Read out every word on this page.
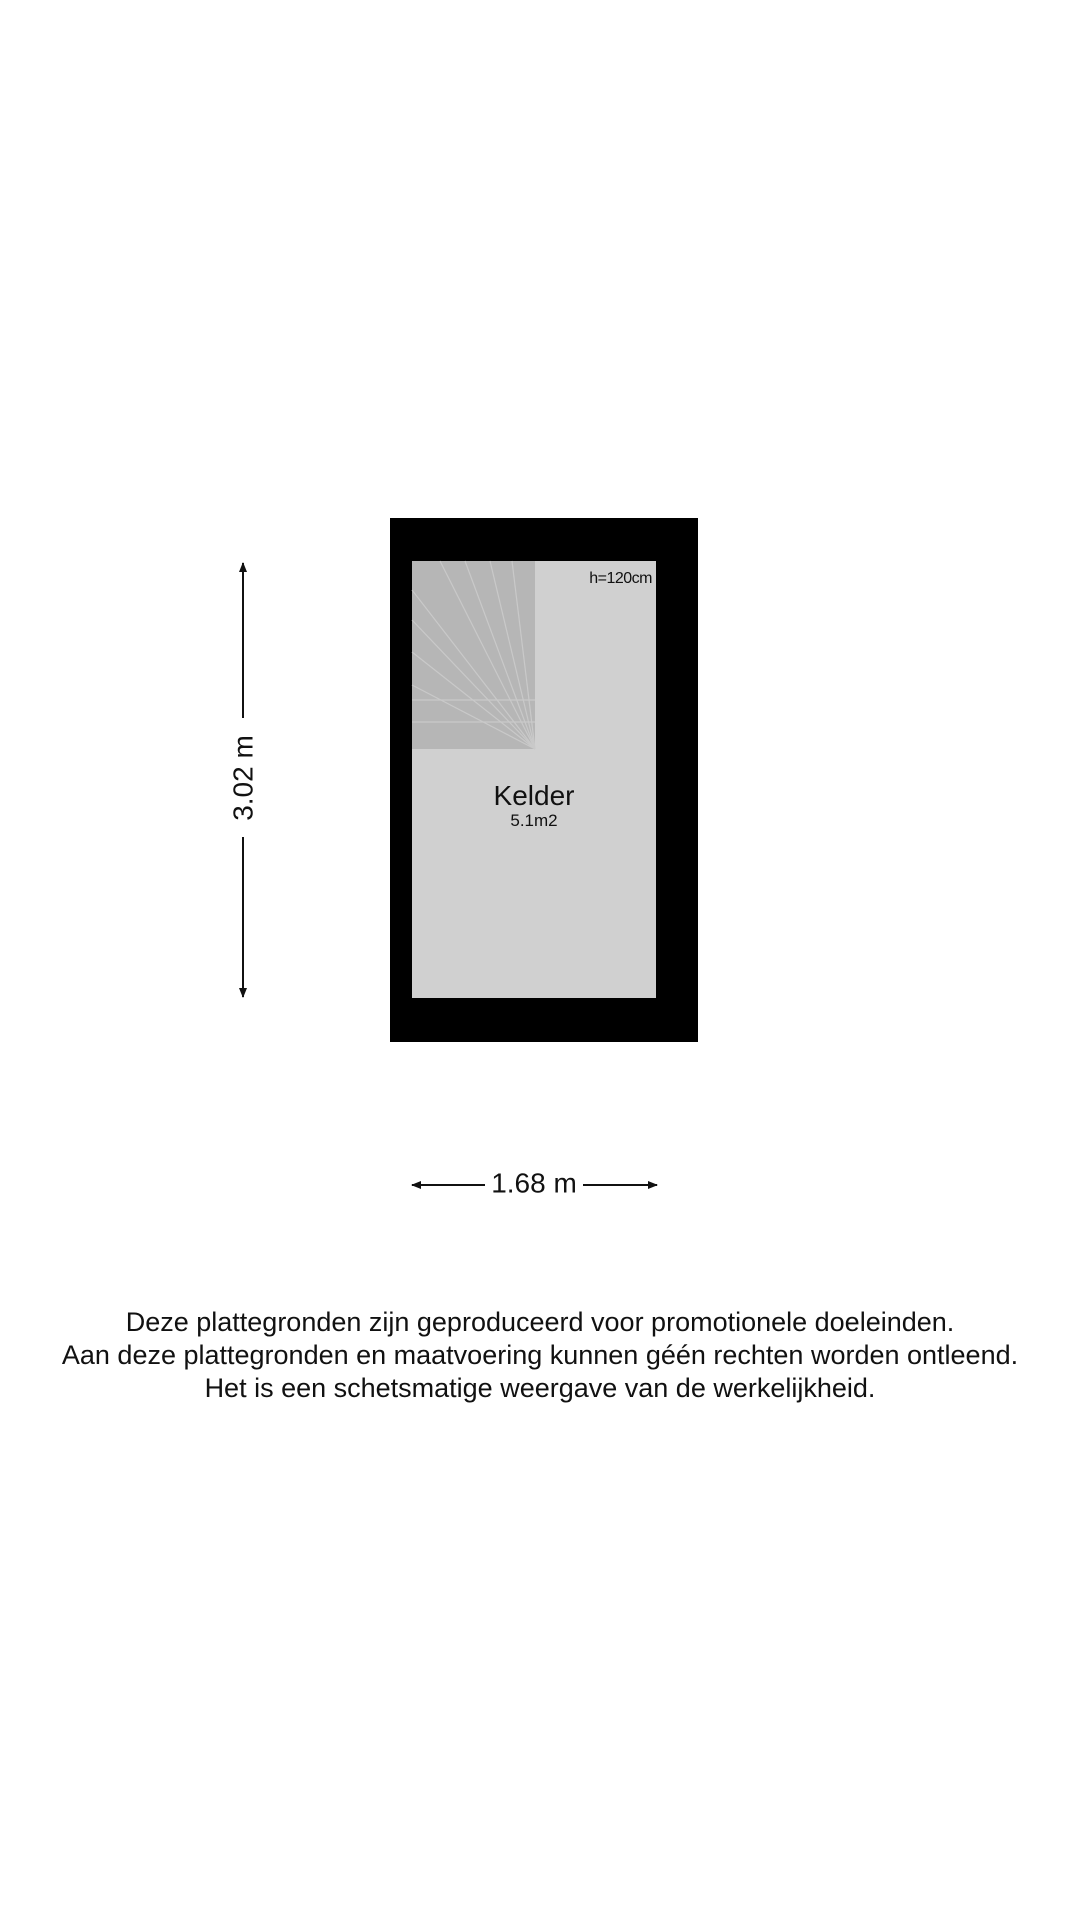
Kelder
5.1m2
h=120cm
3.02 m
1.68 m
Deze plattegronden zijn geproduceerd voor promotionele doeleinden.
Aan deze plattegronden en maatvoering kunnen géén rechten worden ontleend.
Het is een schetsmatige weergave van de werkelijkheid.
